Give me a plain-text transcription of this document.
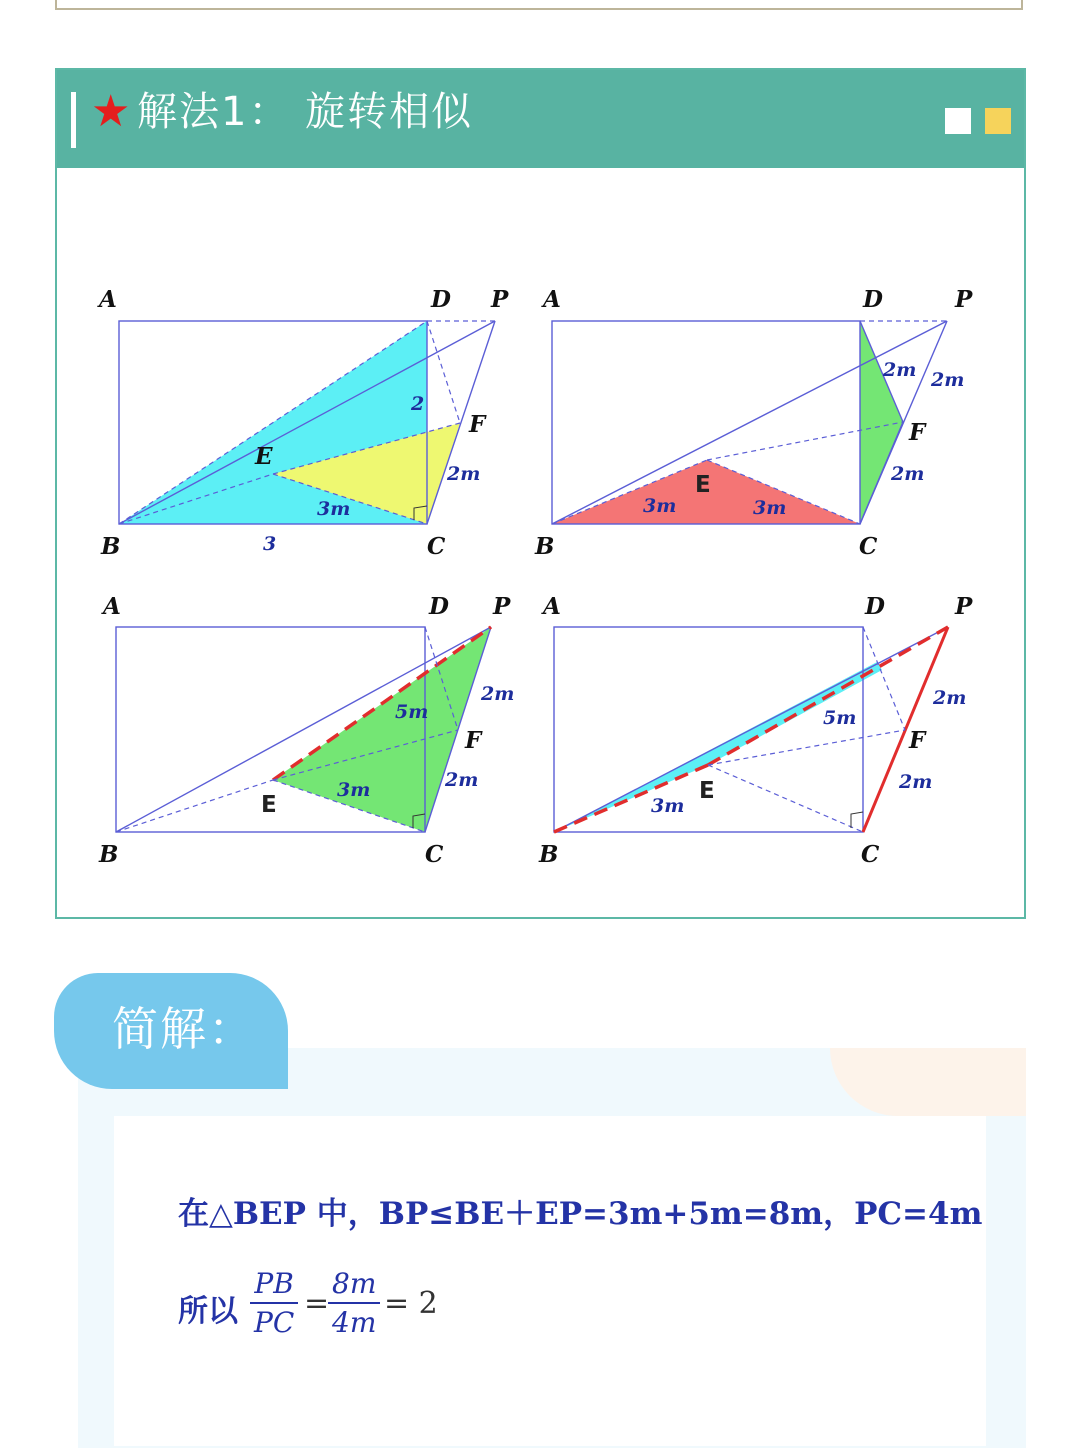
★ 解法1： 旋转相似
A	D P
F
E
B	C
2
2m
3m
3
A	D	P
F
E
B	C
2m 2m
2m
3m	3m
A	D P
F
E
B	C
5m
2m
3m	2m
A	D	P
F
E
B	C
2m
5m
2m
3m
简解：
在△BEP 中，BP≤BE＋EP=3m+5m=8m，PC=4m
所以 $\frac{PB}{PC}$ =
$\frac{8m}{4m} = 2$
